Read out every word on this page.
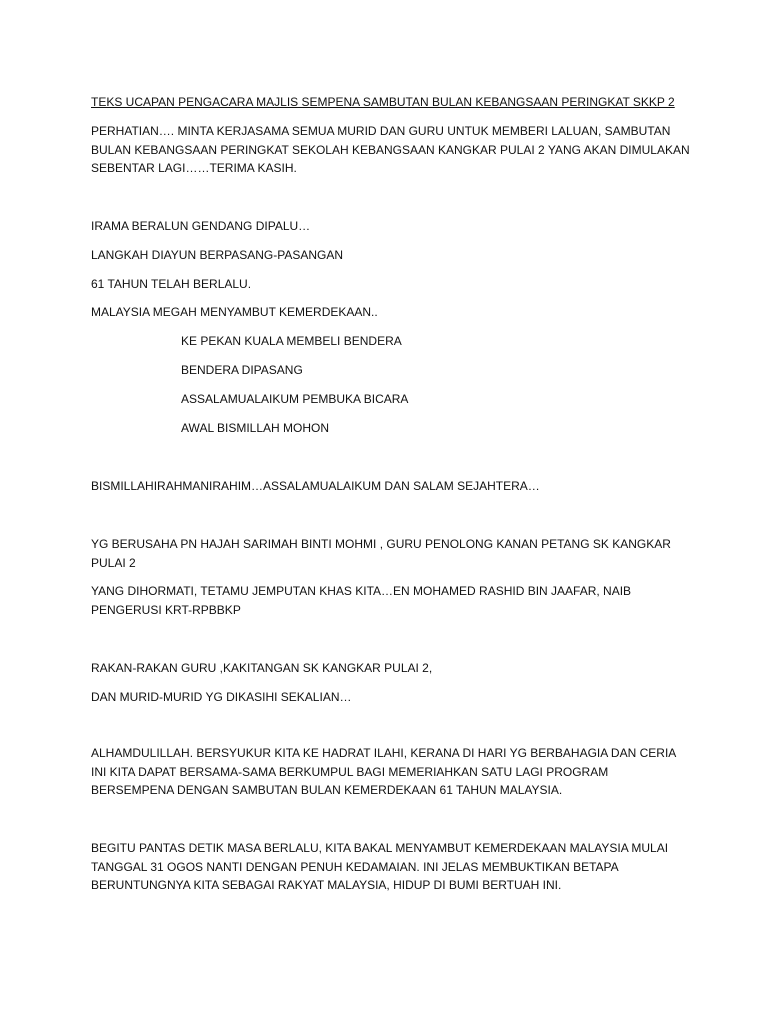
TEKS UCAPAN PENGACARA MAJLIS SEMPENA SAMBUTAN BULAN KEBANGSAAN PERINGKAT SKKP 2

PERHATIAN…. MINTA KERJASAMA SEMUA MURID DAN GURU UNTUK MEMBERI LALUAN, SAMBUTAN BULAN KEBANGSAAN PERINGKAT SEKOLAH KEBANGSAAN KANGKAR PULAI 2 YANG AKAN DIMULAKAN SEBENTAR LAGI……TERIMA KASIH.

IRAMA BERALUN GENDANG DIPALU…

LANGKAH DIAYUN BERPASANG-PASANGAN

61 TAHUN TELAH BERLALU.

MALAYSIA MEGAH MENYAMBUT KEMERDEKAAN..

KE PEKAN KUALA MEMBELI BENDERA

BENDERA DIPASANG

ASSALAMUALAIKUM PEMBUKA BICARA

AWAL BISMILLAH MOHON

BISMILLAHIRAHMANIRAHIM…ASSALAMUALAIKUM DAN SALAM SEJAHTERA…

YG BERUSAHA PN HAJAH SARIMAH BINTI MOHMI , GURU PENOLONG KANAN PETANG SK KANGKAR PULAI 2

YANG DIHORMATI, TETAMU JEMPUTAN KHAS KITA…EN MOHAMED RASHID BIN JAAFAR, NAIB PENGERUSI KRT-RPBBKP

RAKAN-RAKAN GURU ,KAKITANGAN SK KANGKAR PULAI 2,

DAN MURID-MURID YG DIKASIHI SEKALIAN…

ALHAMDULILLAH. BERSYUKUR KITA KE HADRAT ILAHI, KERANA DI HARI YG BERBAHAGIA DAN CERIA INI KITA DAPAT BERSAMA-SAMA BERKUMPUL BAGI MEMERIAHKAN SATU LAGI PROGRAM BERSEMPENA DENGAN SAMBUTAN BULAN KEMERDEKAAN 61 TAHUN MALAYSIA.

BEGITU PANTAS DETIK MASA BERLALU, KITA BAKAL MENYAMBUT KEMERDEKAAN MALAYSIA MULAI TANGGAL 31 OGOS NANTI DENGAN PENUH KEDAMAIAN. INI JELAS MEMBUKTIKAN BETAPA BERUNTUNGNYA KITA SEBAGAI RAKYAT MALAYSIA, HIDUP DI BUMI BERTUAH INI.
